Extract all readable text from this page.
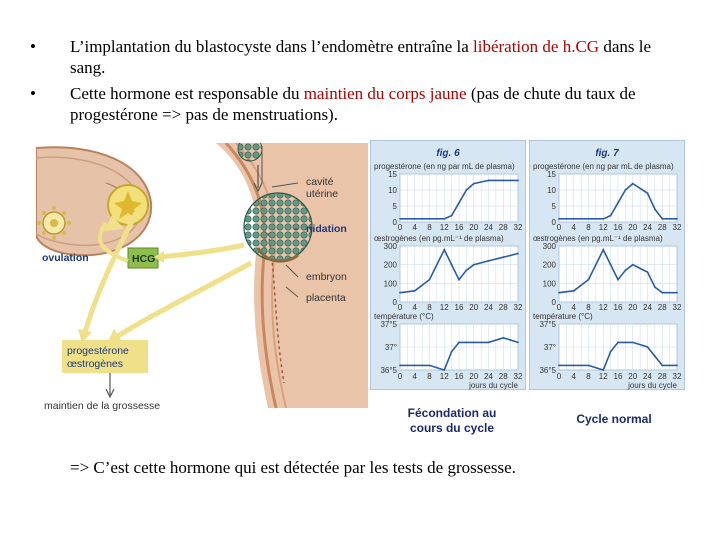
• L’implantation du blastocyste dans l’endomètre entraîne la libération de h.CG dans le sang.
• Cette hormone est responsable du maintien du corps jaune (pas de chute du taux de progestérone => pas de menstruations).
ovulation	HCG
progestérone
œstrogènes
maintien de la grossesse
cavité
utérine
nidation
embryon
placenta
fig. 6
progestérone (en ng par mL de plasma)
15
10
5
0
0 4 8 12 16 20 24 28 32
œstrogènes (en pg.mL⁻¹ de plasma)
300
200
100
0
0 4 8 12 16 20 24 28 32
température (°C)
37°5
37°
36°5
0 4 8 12 16 20 24 28 32
jours du cycle
fig. 7
progestérone (en ng par mL de plasma)
15
10
5
0
0 4 8 12 16 20 24 28 32
œstrogènes (en pg.mL⁻¹ de plasma)
300
200
100
0
0 4 8 12 16 20 24 28 32
température (°C)
37°5
37°
36°5
0 4 8 12 16 20 24 28 32
jours du cycle
Fécondation au cours du cycle
Cycle normal
=> C’est cette hormone qui est détectée par les tests de grossesse.
